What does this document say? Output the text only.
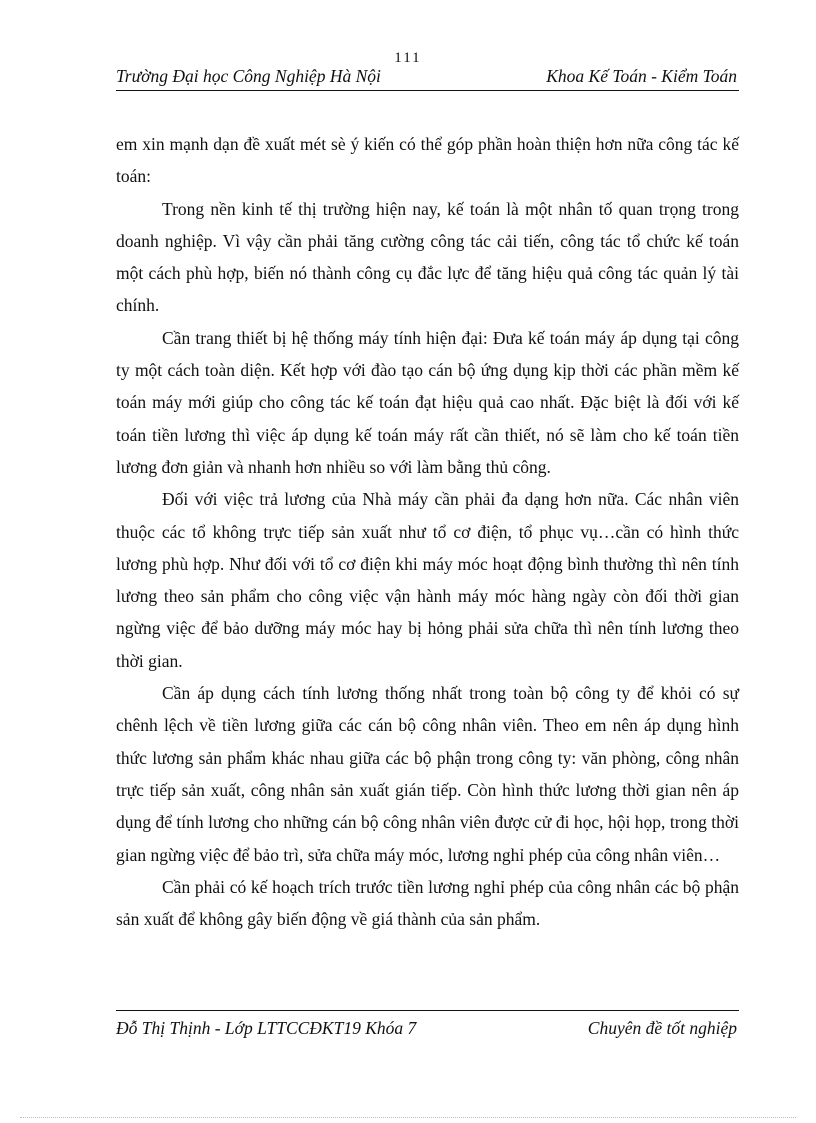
111
Trường Đại học Công Nghiệp Hà Nội	Khoa Kế Toán - Kiểm Toán

em xin mạnh dạn đề xuất mét sè ý kiến có thể góp phần hoàn thiện hơn nữa công tác kế toán:

Trong nền kinh tế thị trường hiện nay, kế toán là một nhân tố quan trọng trong doanh nghiệp. Vì vậy cần phải tăng cường công tác cải tiến, công tác tổ chức kế toán một cách phù hợp, biến nó thành công cụ đắc lực để tăng hiệu quả công tác quản lý tài chính.

Cần trang thiết bị hệ thống máy tính hiện đại: Đưa kế toán máy áp dụng tại công ty một cách toàn diện. Kết hợp với đào tạo cán bộ ứng dụng kịp thời các phần mềm kế toán máy mới giúp cho công tác kế toán đạt hiệu quả cao nhất. Đặc biệt là đối với kế toán tiền lương thì việc áp dụng kế toán máy rất cần thiết, nó sẽ làm cho kế toán tiền lương đơn giản và nhanh hơn nhiều so với làm bằng thủ công.

Đối với việc trả lương của Nhà máy cần phải đa dạng hơn nữa. Các nhân viên thuộc các tổ không trực tiếp sản xuất như tổ cơ điện, tổ phục vụ…cần có hình thức lương phù hợp. Như đối với tổ cơ điện khi máy móc hoạt động bình thường thì nên tính lương theo sản phẩm cho công việc vận hành máy móc hàng ngày còn đối thời gian ngừng việc để bảo dưỡng máy móc hay bị hỏng phải sửa chữa thì nên tính lương theo thời gian.

Cần áp dụng cách tính lương thống nhất trong toàn bộ công ty để khỏi có sự chênh lệch về tiền lương giữa các cán bộ công nhân viên. Theo em nên áp dụng hình thức lương sản phẩm khác nhau giữa các bộ phận trong công ty: văn phòng, công nhân trực tiếp sản xuất, công nhân sản xuất gián tiếp. Còn hình thức lương thời gian nên áp dụng để tính lương cho những cán bộ công nhân viên được cử đi học, hội họp, trong thời gian ngừng việc để bảo trì, sửa chữa máy móc, lương nghỉ phép của công nhân viên…

Cần phải có kế hoạch trích trước tiền lương nghỉ phép của công nhân các bộ phận sản xuất để không gây biến động về giá thành của sản phẩm.

Đỗ Thị Thịnh - Lớp LTTCCĐKT19 Khóa 7	Chuyên đề tốt nghiệp
